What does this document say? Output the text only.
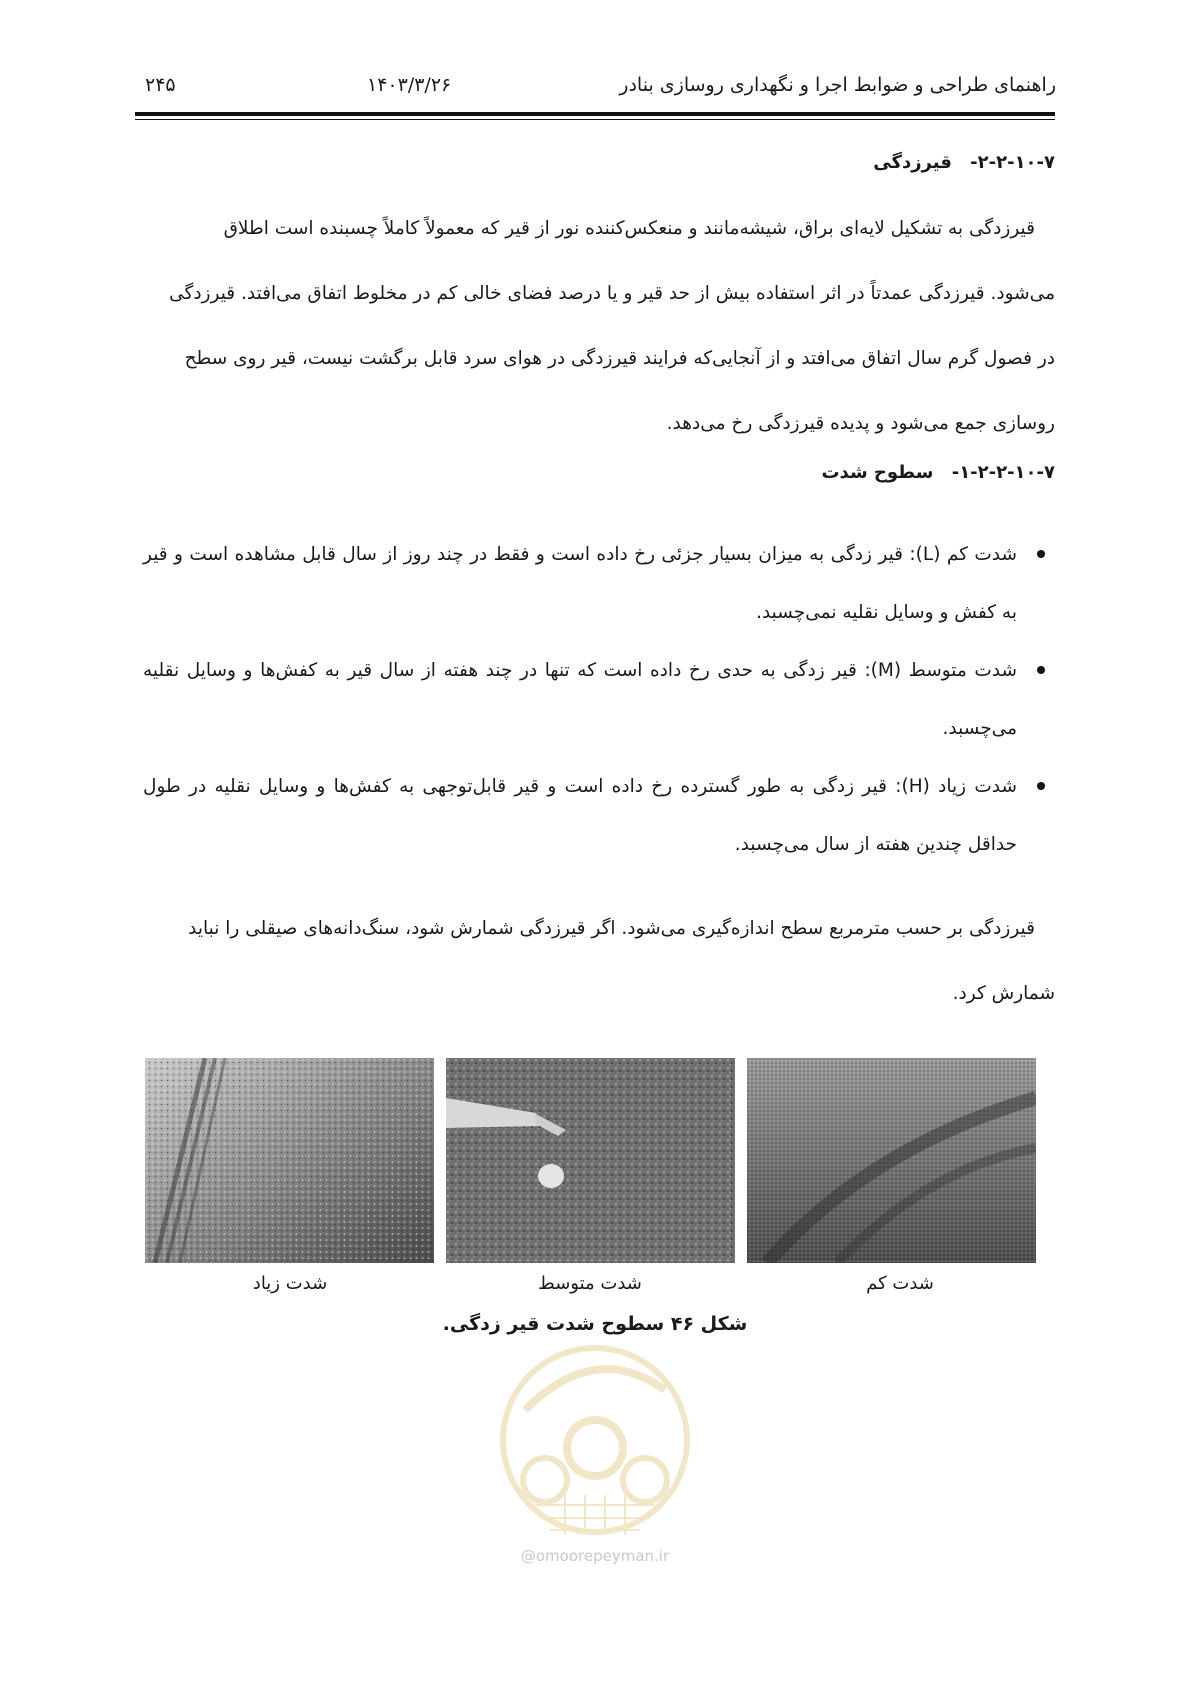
راهنمای طراحی و ضوابط اجرا و نگهداری روسازی بنادر
۱۴۰۳/۳/۲۶
۲۴۵
۲-۲-۱۰-۷- قیرزدگی
قیرزدگی به تشکیل لایه‌ای براق، شیشه‌مانند و منعکس‌کننده نور از قیر که معمولاً کاملاً چسبنده است اطلاق
می‌شود. قیرزدگی عمدتاً در اثر استفاده بیش از حد قیر و یا درصد فضای خالی کم در مخلوط اتفاق می‌افتد. قیرزدگی
در فصول گرم سال اتفاق می‌افتد و از آنجایی‌که فرایند قیرزدگی در هوای سرد قابل برگشت نیست، قیر روی سطح
روسازی جمع می‌شود و پدیده قیرزدگی رخ می‌دهد.
۱-۲-۲-۱۰-۷- سطوح شدت
شدت کم (L): قیر زدگی به میزان بسیار جزئی رخ داده است و فقط در چند روز از سال قابل مشاهده است و قیر به کفش و وسایل نقلیه نمی‌چسبد.
شدت متوسط (M): قیر زدگی به حدی رخ داده است که تنها در چند هفته از سال قیر به کفش‌ها و وسایل نقلیه می‌چسبد.
شدت زیاد (H): قیر زدگی به طور گسترده رخ داده است و قیر قابل‌توجهی به کفش‌ها و وسایل نقلیه در طول حداقل چندین هفته از سال می‌چسبد.
قیرزدگی بر حسب مترمربع سطح اندازه‌گیری می‌شود. اگر قیرزدگی شمارش شود، سنگ‌دانه‌های صیقلی را نباید
شمارش کرد.
شدت زیاد	شدت متوسط	شدت کم
شکل ۴۶ سطوح شدت قیر زدگی.
@omoorepeyman.ir
